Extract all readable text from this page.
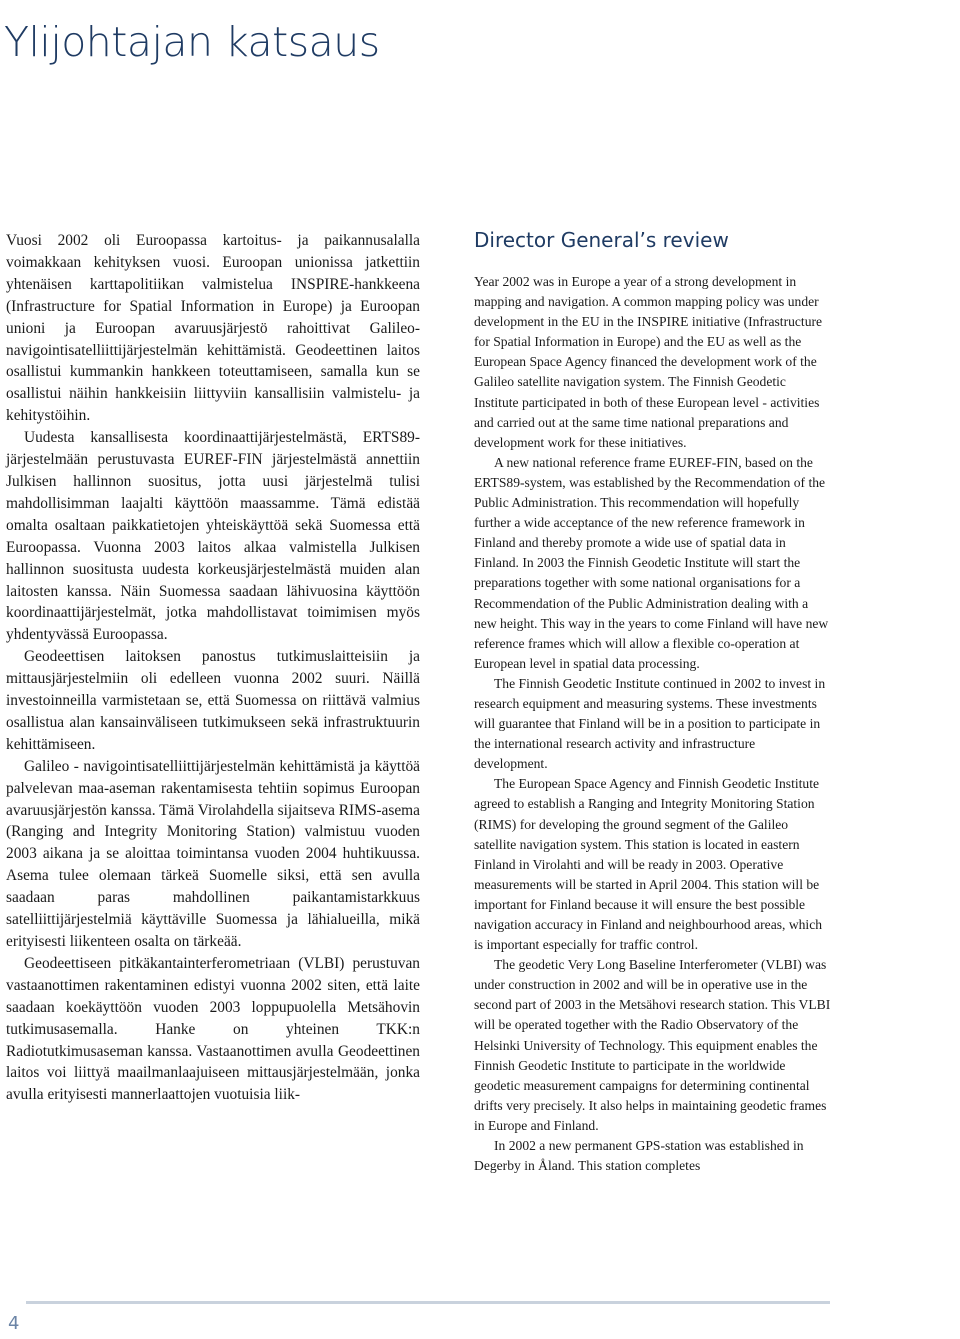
Ylijohtajan katsaus

Vuosi 2002 oli Euroopassa kartoitus- ja paikannusalalla voimakkaan kehityksen vuosi. Euroopan unionissa jatkettiin yhtenäisen karttapolitiikan valmistelua INSPIRE-hankkeena (Infrastructure for Spatial Information in Europe) ja Euroopan unioni ja Euroopan avaruusjärjestö rahoittivat Galileo-navigointisatelliittijärjestelmän kehittämistä. Geodeettinen laitos osallistui kummankin hankkeen toteuttamiseen, samalla kun se osallistui näihin hankkeisiin liittyviin kansallisiin valmistelu- ja kehitystöihin.

Uudesta kansallisesta koordinaattijärjestelmästä, ERTS89-järjestelmään perustuvasta EUREF-FIN järjestelmästä annettiin Julkisen hallinnon suositus, jotta uusi järjestelmä tulisi mahdollisimman laajalti käyttöön maassamme. Tämä edistää omalta osaltaan paikkatietojen yhteiskäyttöä sekä Suomessa että Euroopassa. Vuonna 2003 laitos alkaa valmistella Julkisen hallinnon suositusta uudesta korkeusjärjestelmästä muiden alan laitosten kanssa. Näin Suomessa saadaan lähivuosina käyttöön koordinaattijärjestelmät, jotka mahdollistavat toimimisen myös yhdentyvässä Euroopassa.

Geodeettisen laitoksen panostus tutkimuslaitteisiin ja mittausjärjestelmiin oli edelleen vuonna 2002 suuri. Näillä investoinneilla varmistetaan se, että Suomessa on riittävä valmius osallistua alan kansainväliseen tutkimukseen sekä infrastruktuurin kehittämiseen.

Galileo - navigointisatelliittijärjestelmän kehittämistä ja käyttöä palvelevan maa-aseman rakentamisesta tehtiin sopimus Euroopan avaruusjärjestön kanssa. Tämä Virolahdella sijaitseva RIMS-asema (Ranging and Integrity Monitoring Station) valmistuu vuoden 2003 aikana ja se aloittaa toimintansa vuoden 2004 huhtikuussa. Asema tulee olemaan tärkeä Suomelle siksi, että sen avulla saadaan paras mahdollinen paikantamistarkkuus satelliittijärjestelmiä käyttäville Suomessa ja lähialueilla, mikä erityisesti liikenteen osalta on tärkeää.

Geodeettiseen pitkäkantainterferometriaan (VLBI) perustuvan vastaanottimen rakentaminen edistyi vuonna 2002 siten, että laite saadaan koekäyttöön vuoden 2003 loppupuolella Metsähovin tutkimusasemalla. Hanke on yhteinen TKK:n Radiotutkimusaseman kanssa. Vastaanottimen avulla Geodeettinen laitos voi liittyä maailmanlaajuiseen mittausjärjestelmään, jonka avulla erityisesti mannerlaattojen vuotuisia liik-

Director General’s review

Year 2002 was in Europe a year of a strong development in mapping and navigation. A common mapping policy was under development in the EU in the INSPIRE initiative (Infrastructure for Spatial Information in Europe) and the EU as well as the European Space Agency financed the development work of the Galileo satellite navigation system. The Finnish Geodetic Institute participated in both of these European level - activities and carried out at the same time national preparations and development work for these initiatives.

A new national reference frame EUREF-FIN, based on the ERTS89-system, was established by the Recommendation of the Public Administration. This recommendation will hopefully further a wide acceptance of the new reference framework in Finland and thereby promote a wide use of spatial data in Finland. In 2003 the Finnish Geodetic Institute will start the preparations together with some national organisations for a Recommendation of the Public Administration dealing with a new height. This way in the years to come Finland will have new reference frames which will allow a flexible co-operation at European level in spatial data processing.

The Finnish Geodetic Institute continued in 2002 to invest in research equipment and measuring systems. These investments will guarantee that Finland will be in a position to participate in the international research activity and infrastructure development.

The European Space Agency and Finnish Geodetic Institute agreed to establish a Ranging and Integrity Monitoring Station (RIMS) for developing the ground segment of the Galileo satellite navigation system. This station is located in eastern Finland in Virolahti and will be ready in 2003. Operative measurements will be started in April 2004. This station will be important for Finland because it will ensure the best possible navigation accuracy in Finland and neighbourhood areas, which is important especially for traffic control.

The geodetic Very Long Baseline Interferometer (VLBI) was under construction in 2002 and will be in operative use in the second part of 2003 in the Metsähovi research station. This VLBI will be operated together with the Radio Observatory of the Helsinki University of Technology. This equipment enables the Finnish Geodetic Institute to participate in the worldwide geodetic measurement campaigns for determining continental drifts very precisely. It also helps in maintaining geodetic frames in Europe and Finland.

In 2002 a new permanent GPS-station was established in Degerby in Åland. This station completes

4
